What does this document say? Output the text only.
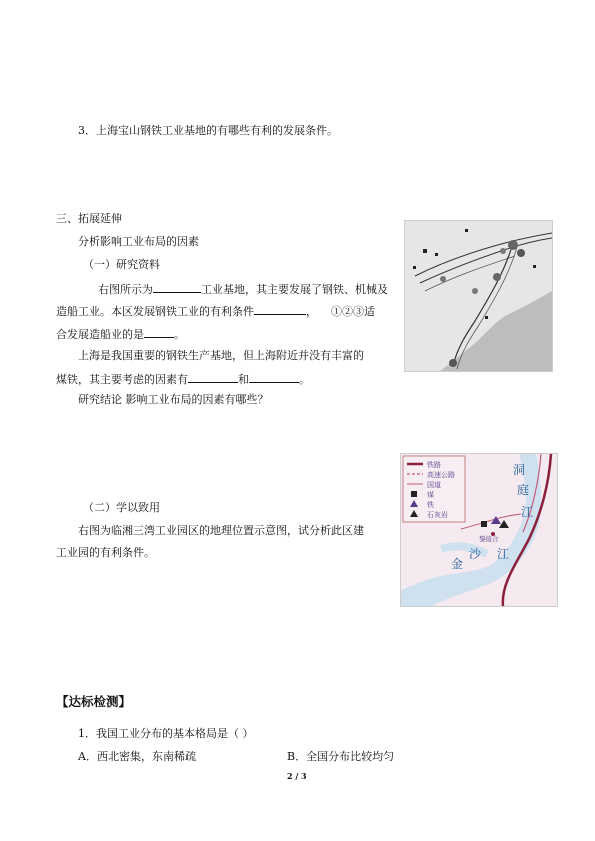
3．上海宝山钢铁工业基地的有哪些有利的发展条件。
三、拓展延伸
分析影响工业布局的因素
（一）研究资料
右图所示为	工业基地，其主要发展了钢铁、机械及
造船工业。本区发展钢铁工业的有利条件	， ①②③适
合发展造船业的是	。
上海是我国重要的钢铁生产基地，但上海附近并没有丰富的
煤铁，其主要考虑的因素有	和	。
研究结论 影响工业布局的因素有哪些？
（二）学以致用
右图为临湘三湾工业园区的地理位置示意图，试分析此区建
工业园的有利条件。
铁路
高速公路
国道
煤
铁
石灰岩
洞
庭
江
沙 江
金
黎接合
【达标检测】
1．我国工业分布的基本格局是（ ）
A．西北密集，东南稀疏	B．全国分布比较均匀
2 / 3
